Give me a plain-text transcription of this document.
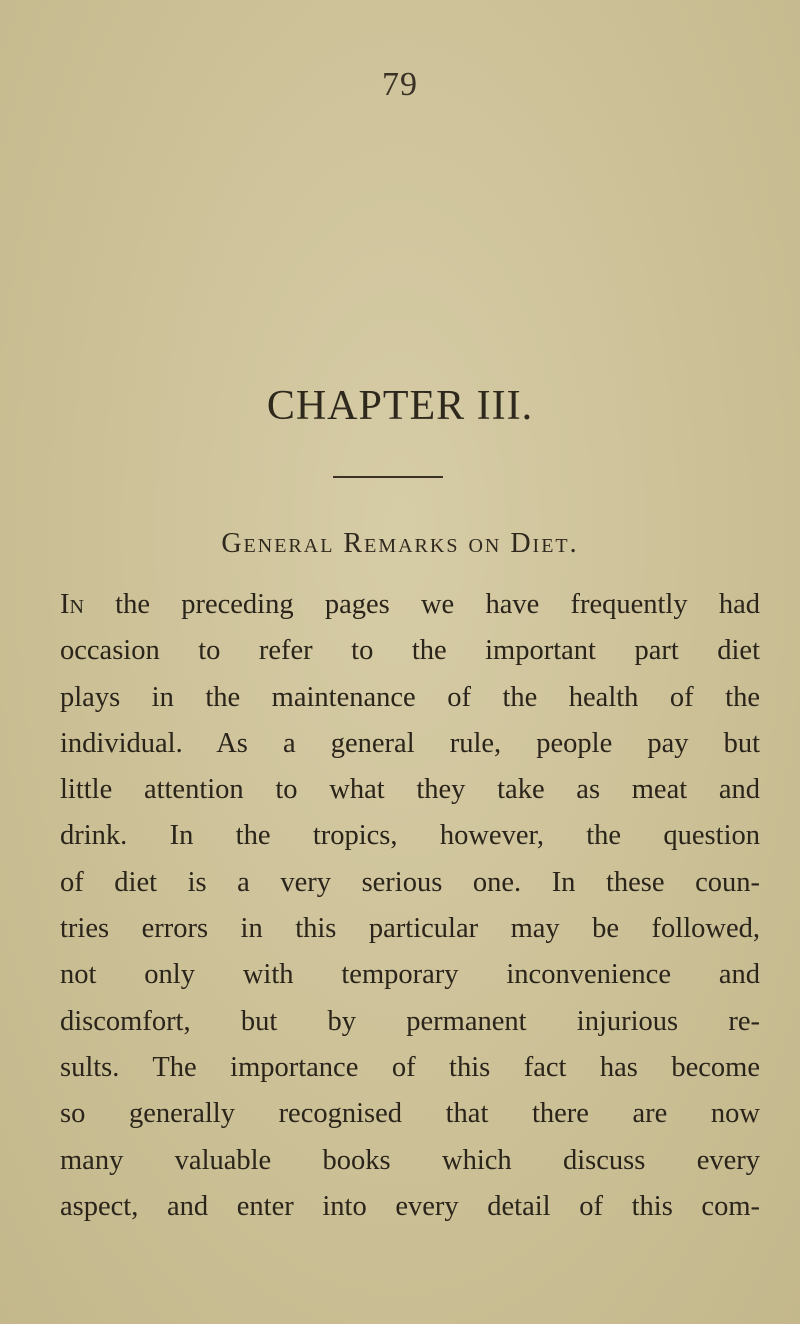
79
CHAPTER III.
General Remarks on Diet.
In the preceding pages we have frequently had
occasion to refer to the important part diet
plays in the maintenance of the health of the
individual. As a general rule, people pay but
little attention to what they take as meat and
drink. In the tropics, however, the question
of diet is a very serious one. In these coun-
tries errors in this particular may be followed,
not only with temporary inconvenience and
discomfort, but by permanent injurious re-
sults. The importance of this fact has become
so generally recognised that there are now
many valuable books which discuss every
aspect, and enter into every detail of this com-
